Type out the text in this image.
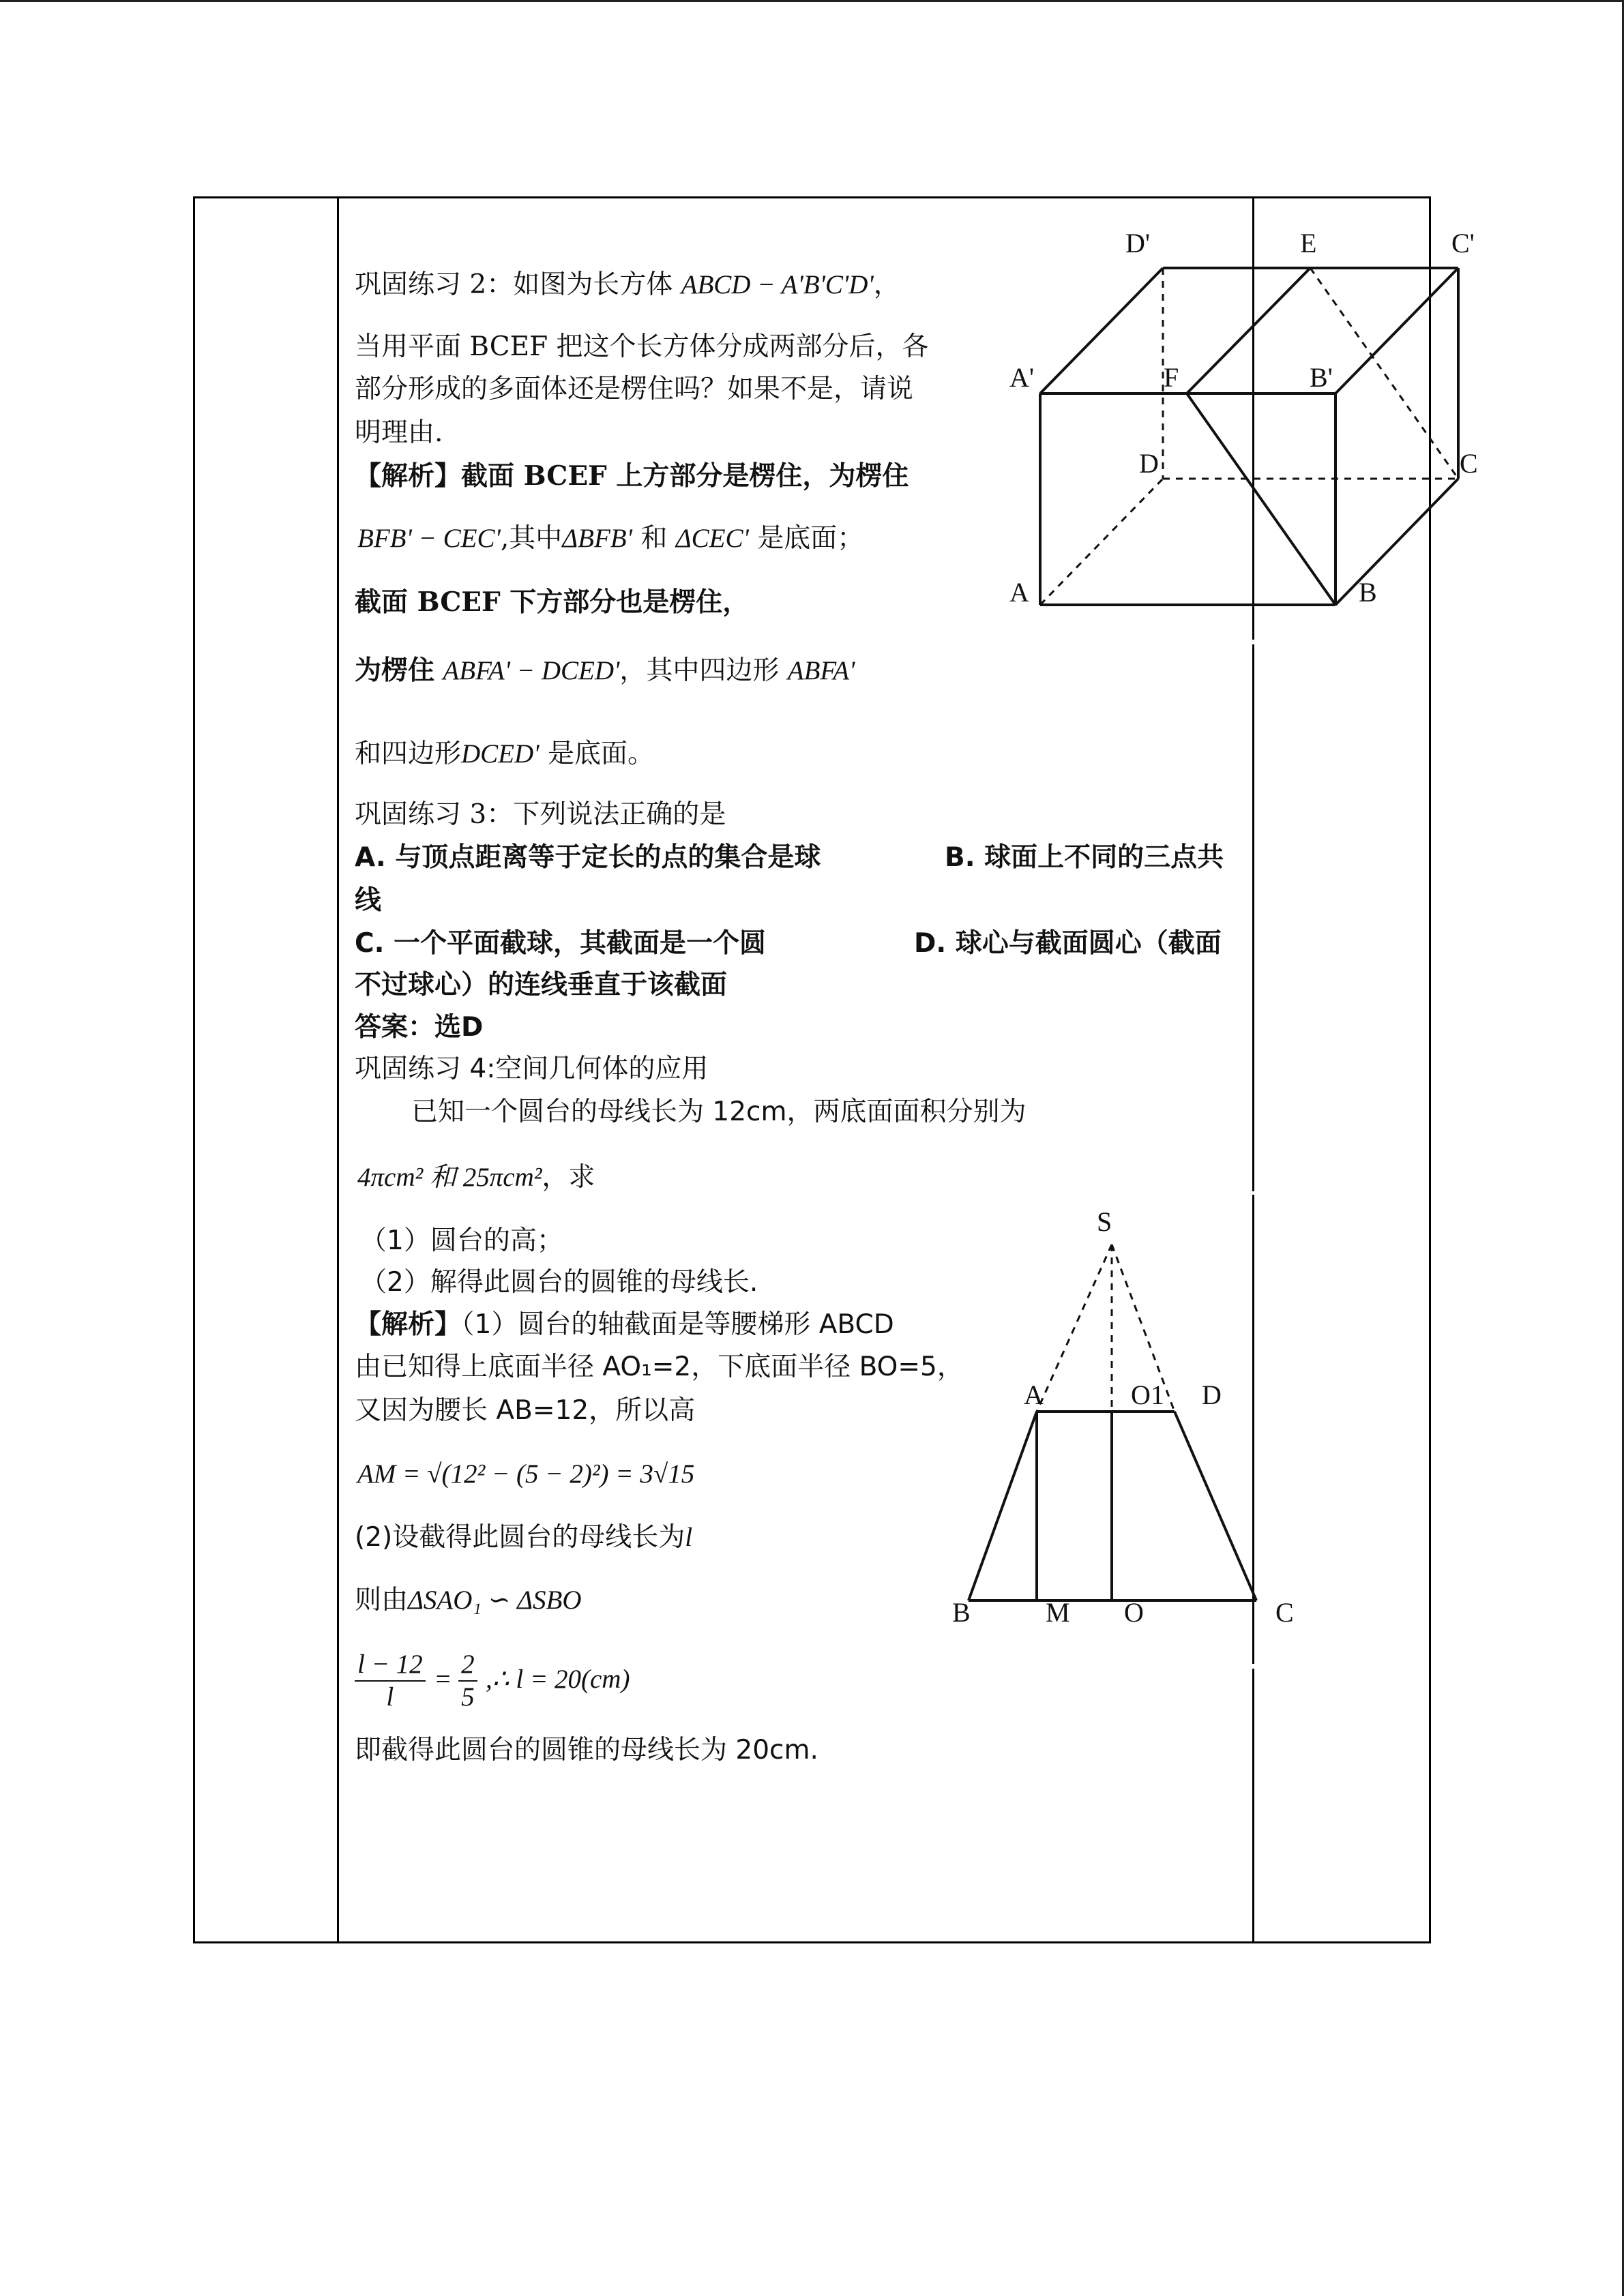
巩固练习 2：如图为长方体 ABCD − A'B'C'D'，
当用平面 BCEF 把这个长方体分成两部分后，各
部分形成的多面体还是楞住吗？如果不是，请说
明理由.
【解析】截面 BCEF 上方部分是楞住，为楞住
BFB' − CEC',其中ΔBFB' 和 ΔCEC' 是底面；
截面 BCEF 下方部分也是楞住，
为楞住 ABFA' − DCED'，其中四边形 ABFA'
和四边形DCED' 是底面。
D'	E	C'
A'	F	B'
D	C
A	B
巩固练习 3：下列说法正确的是
A. 与顶点距离等于定长的点的集合是球	B. 球面上不同的三点共
线
C. 一个平面截球，其截面是一个圆	D. 球心与截面圆心（截面
不过球心）的连线垂直于该截面
答案：选D
巩固练习 4:空间几何体的应用
已知一个圆台的母线长为 12cm，两底面面积分别为
4πcm² 和 25πcm²，求
（1）圆台的高；
（2）解得此圆台的圆锥的母线长.
【解析】（1）圆台的轴截面是等腰梯形 ABCD
由已知得上底面半径 AO₁=2，下底面半径 BO=5，
又因为腰长 AB=12，所以高
AM = √(12² − (5 − 2)²) = 3√15
(2)设截得此圆台的母线长为l
则由ΔSAO₁ ∽ ΔSBO
$\frac{l - 12}{l} = \frac{2}{5}$ ,∴ l = 20(cm)
即截得此圆台的圆锥的母线长为 20cm.
S
A	O1 D
B	M O	C
